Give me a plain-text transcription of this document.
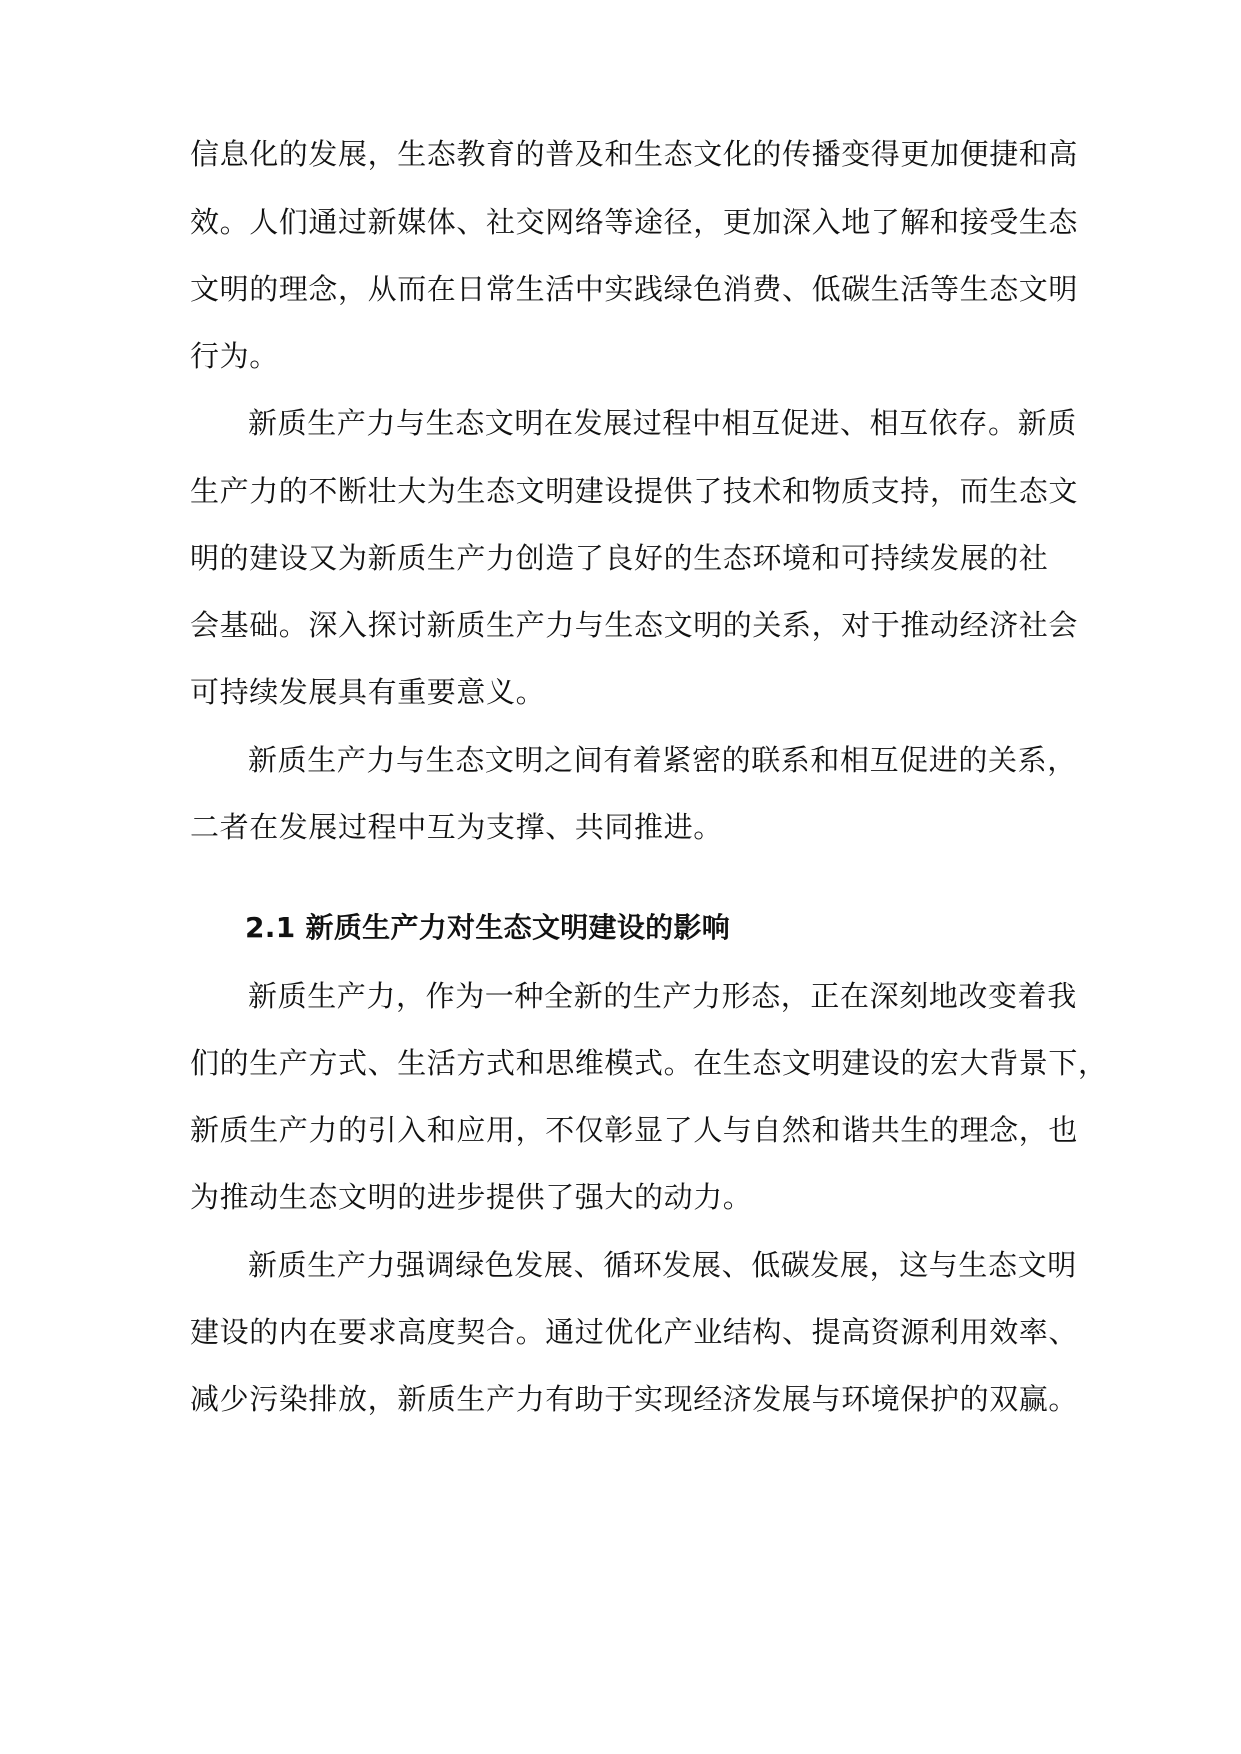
信息化的发展，生态教育的普及和生态文化的传播变得更加便捷和高

效。人们通过新媒体、社交网络等途径，更加深入地了解和接受生态

文明的理念，从而在日常生活中实践绿色消费、低碳生活等生态文明

行为。

新质生产力与生态文明在发展过程中相互促进、相互依存。新质

生产力的不断壮大为生态文明建设提供了技术和物质支持，而生态文

明的建设又为新质生产力创造了良好的生态环境和可持续发展的社

会基础。深入探讨新质生产力与生态文明的关系，对于推动经济社会

可持续发展具有重要意义。

新质生产力与生态文明之间有着紧密的联系和相互促进的关系，

二者在发展过程中互为支撑、共同推进。

2.1 新质生产力对生态文明建设的影响

新质生产力，作为一种全新的生产力形态，正在深刻地改变着我

们的生产方式、生活方式和思维模式。在生态文明建设的宏大背景下，

新质生产力的引入和应用，不仅彰显了人与自然和谐共生的理念，也

为推动生态文明的进步提供了强大的动力。

新质生产力强调绿色发展、循环发展、低碳发展，这与生态文明

建设的内在要求高度契合。通过优化产业结构、提高资源利用效率、

减少污染排放，新质生产力有助于实现经济发展与环境保护的双赢。
